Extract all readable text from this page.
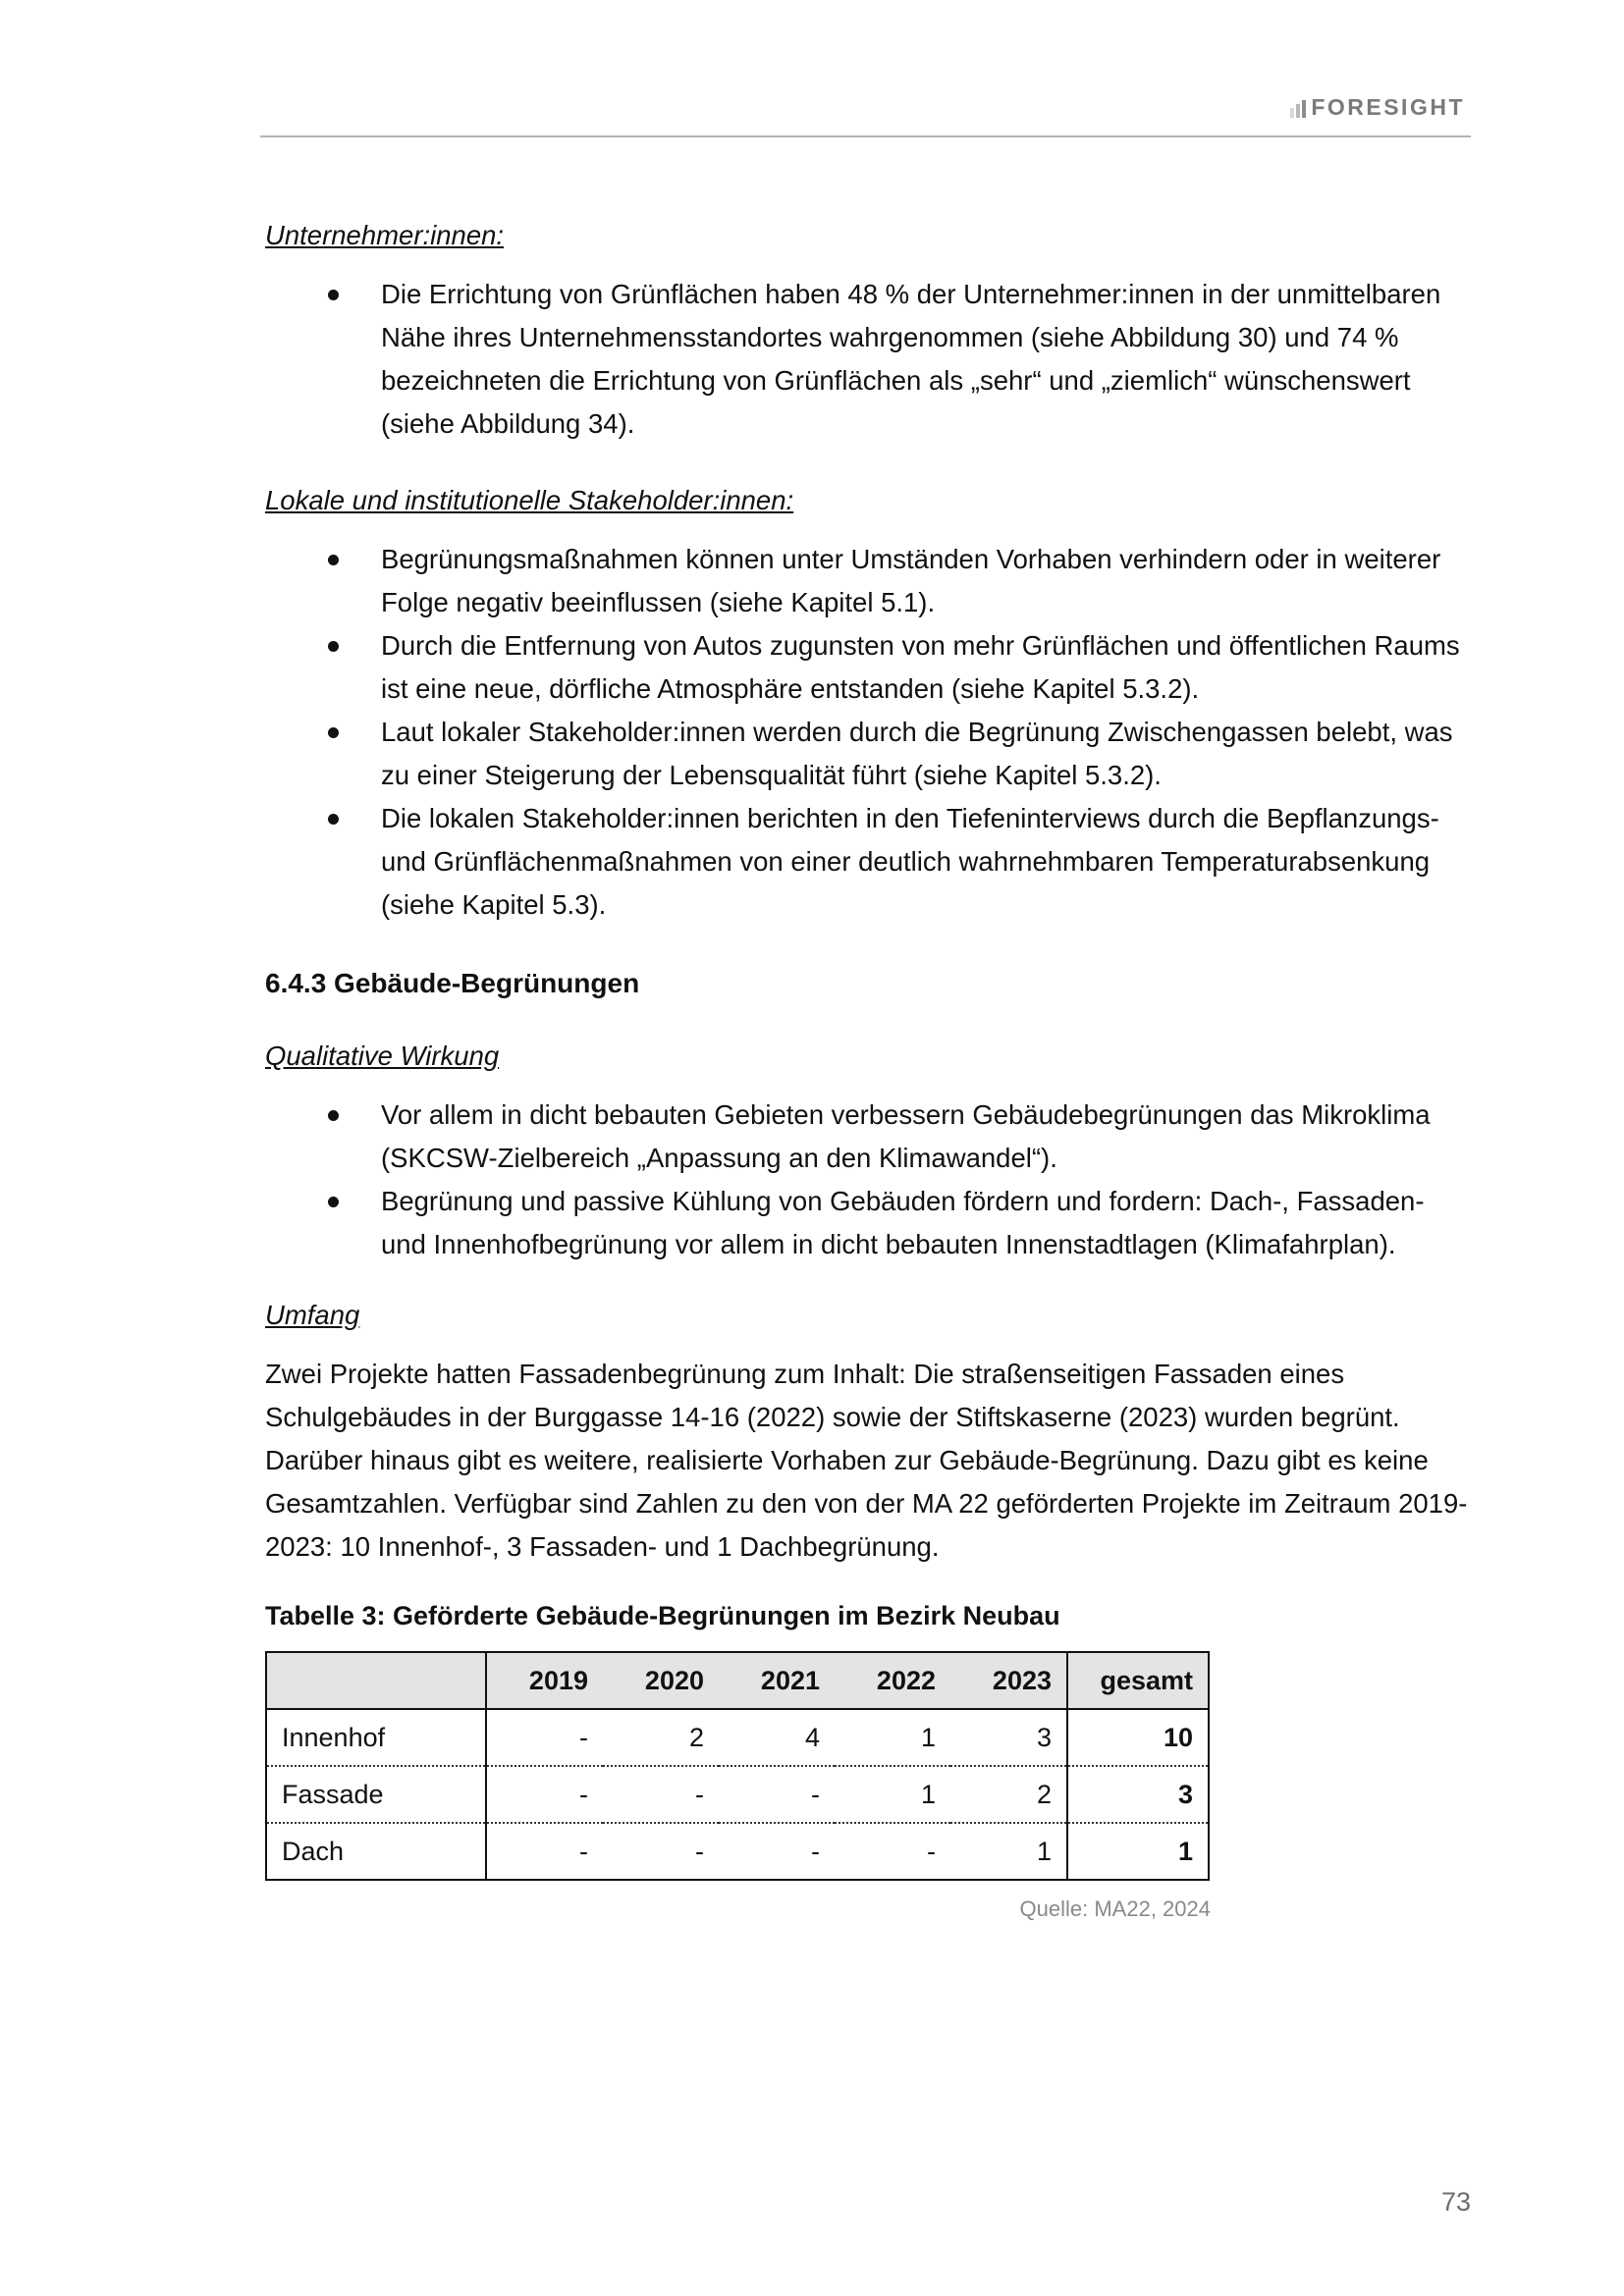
FORESIGHT

Unternehmer:innen:

Die Errichtung von Grünflächen haben 48 % der Unternehmer:innen in der unmittelbaren Nähe ihres Unternehmensstandortes wahrgenommen (siehe Abbildung 30) und 74 % bezeichneten die Errichtung von Grünflächen als „sehr“ und „ziemlich“ wünschenswert (siehe Abbildung 34).

Lokale und institutionelle Stakeholder:innen:

Begrünungsmaßnahmen können unter Umständen Vorhaben verhindern oder in weiterer Folge negativ beeinflussen (siehe Kapitel 5.1).
Durch die Entfernung von Autos zugunsten von mehr Grünflächen und öffentlichen Raums ist eine neue, dörfliche Atmosphäre entstanden (siehe Kapitel 5.3.2).
Laut lokaler Stakeholder:innen werden durch die Begrünung Zwischengassen belebt, was zu einer Steigerung der Lebensqualität führt (siehe Kapitel 5.3.2).
Die lokalen Stakeholder:innen berichten in den Tiefeninterviews durch die Bepflanzungs- und Grünflächenmaßnahmen von einer deutlich wahrnehmbaren Temperaturabsenkung (siehe Kapitel 5.3).
6.4.3 Gebäude-Begrünungen

Qualitative Wirkung

Vor allem in dicht bebauten Gebieten verbessern Gebäudebegrünungen das Mikroklima (SKCSW-Zielbereich „Anpassung an den Klimawandel“).
Begrünung und passive Kühlung von Gebäuden fördern und fordern: Dach-, Fassaden- und Innenhofbegrünung vor allem in dicht bebauten Innenstadtlagen (Klimafahrplan).

Umfang

Zwei Projekte hatten Fassadenbegrünung zum Inhalt: Die straßenseitigen Fassaden eines Schulgebäudes in der Burggasse 14-16 (2022) sowie der Stiftskaserne (2023) wurden begrünt. Darüber hinaus gibt es weitere, realisierte Vorhaben zur Gebäude-Begrünung. Dazu gibt es keine Gesamtzahlen. Verfügbar sind Zahlen zu den von der MA 22 geförderten Projekte im Zeitraum 2019-2023: 10 Innenhof-, 3 Fassaden- und 1 Dachbegrünung.

Tabelle 3: Geförderte Gebäude-Begrünungen im Bezirk Neubau

	2019	2020	2021	2022	2023	gesamt
Innenhof	-	2	4	1	3	10
Fassade	-	-	-	1	2	3
Dach	-	-	-	-	1	1
Quelle: MA22, 2024
73
